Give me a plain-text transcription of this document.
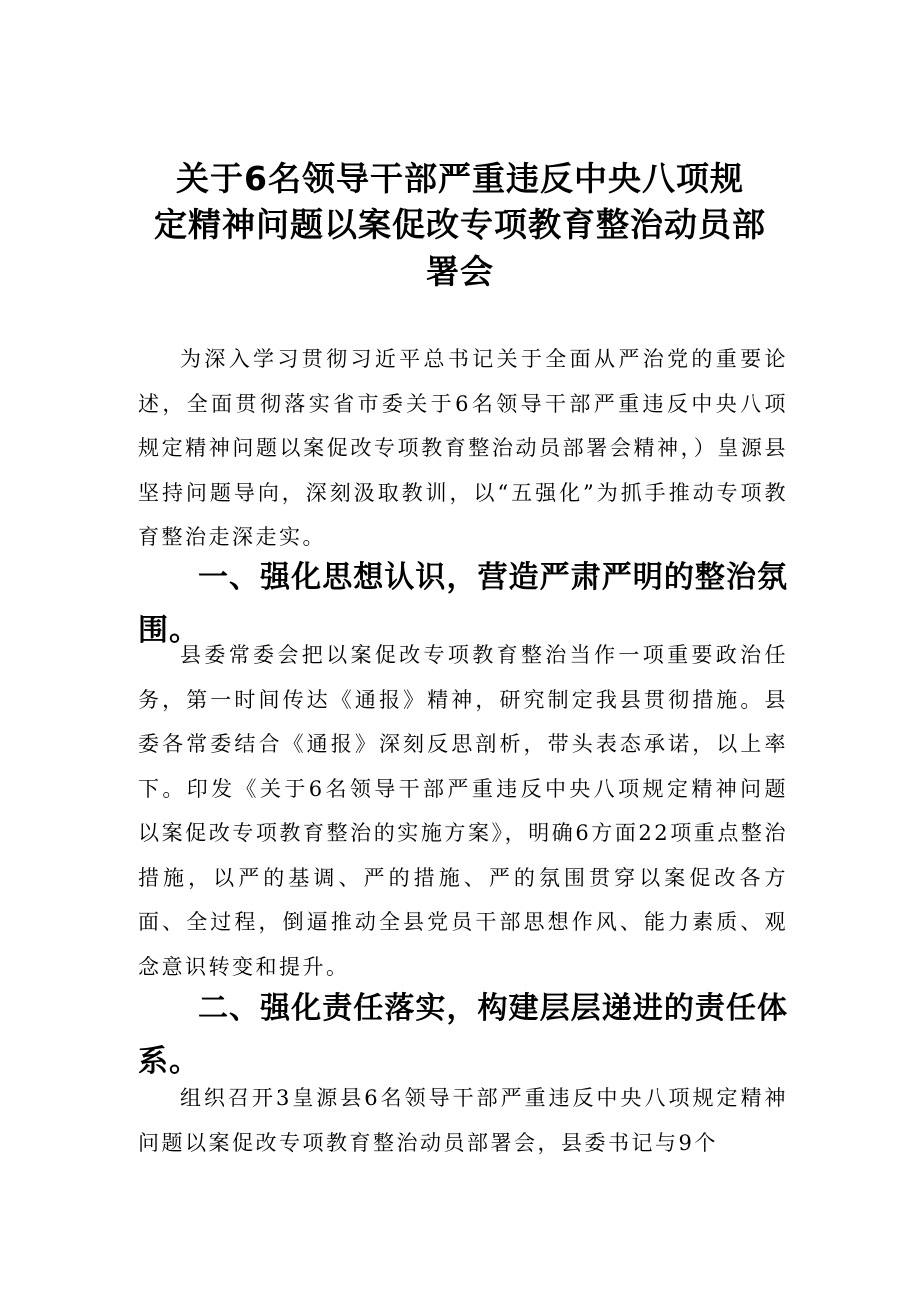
关于6名领导干部严重违反中央八项规
定精神问题以案促改专项教育整治动员部
署会

为深入学习贯彻习近平总书记关于全面从严治党的重要论述，全面贯彻落实省市委关于6名领导干部严重违反中央八项规定精神问题以案促改专项教育整治动员部署会精神，）皇源县坚持问题导向，深刻汲取教训，以“五强化”为抓手推动专项教育整治走深走实。

一、强化思想认识，营造严肃严明的整治氛围。

县委常委会把以案促改专项教育整治当作一项重要政治任务，第一时间传达《通报》精神，研究制定我县贯彻措施。县委各常委结合《通报》深刻反思剖析，带头表态承诺，以上率下。印发《关于6名领导干部严重违反中央八项规定精神问题以案促改专项教育整治的实施方案》，明确6方面22项重点整治措施，以严的基调、严的措施、严的氛围贯穿以案促改各方面、全过程，倒逼推动全县党员干部思想作风、能力素质、观念意识转变和提升。

二、强化责任落实，构建层层递进的责任体系。

组织召开3皇源县6名领导干部严重违反中央八项规定精神问题以案促改专项教育整治动员部署会，县委书记与9个
